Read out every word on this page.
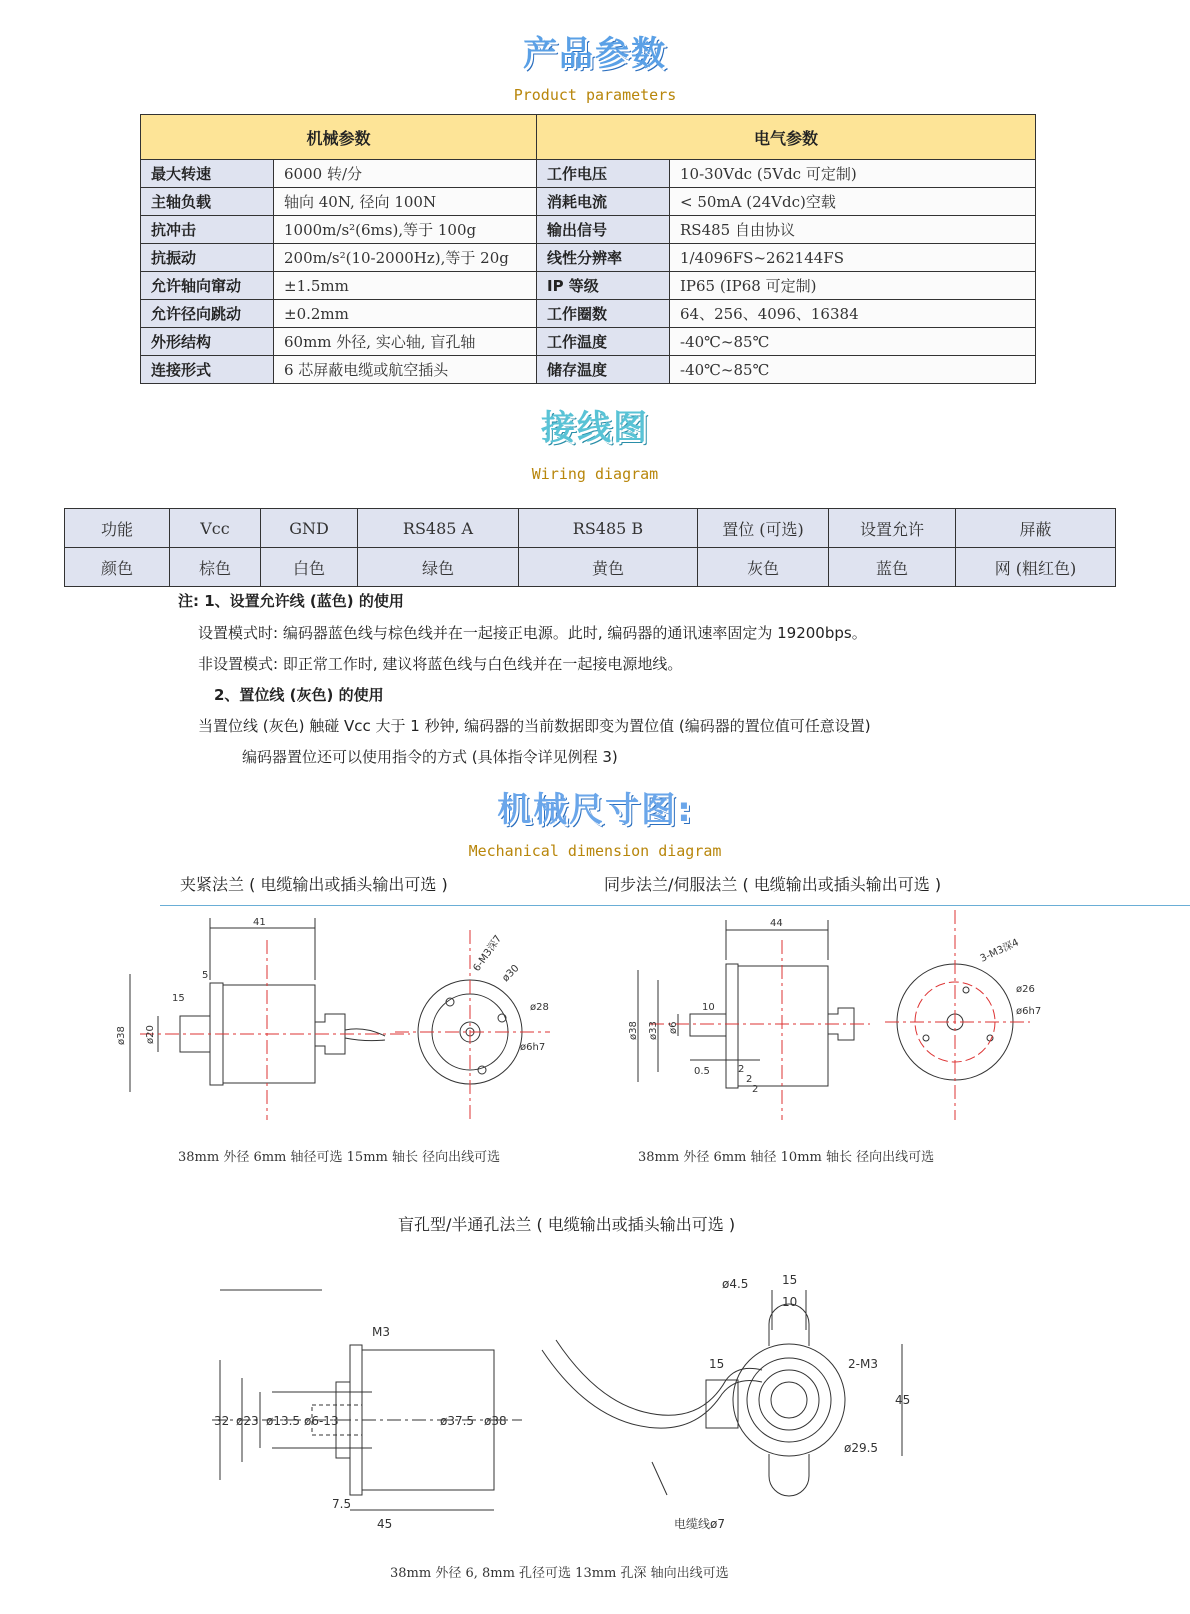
产品参数
Product parameters
机械参数		电气参数	
最大转速	6000 转/分	工作电压	10-30Vdc (5Vdc 可定制)
主轴负载	轴向 40N, 径向 100N	消耗电流	< 50mA (24Vdc)空载
抗冲击	1000m/s²(6ms),等于 100g	输出信号	RS485 自由协议
抗振动	200m/s²(10-2000Hz),等于 20g	线性分辨率	1/4096FS~262144FS
允许轴向窜动	±1.5mm	IP 等级	IP65 (IP68 可定制)
允许径向跳动	±0.2mm	工作圈数	64、256、4096、16384
外形结构	60mm 外径, 实心轴, 盲孔轴	工作温度	-40℃~85℃
连接形式	6 芯屏蔽电缆或航空插头	储存温度	-40℃~85℃
接线图
Wiring diagram
功能	Vcc	GND	RS485 A	RS485 B	置位 (可选)	设置允许	屏蔽
颜色	棕色	白色	绿色	黄色	灰色	蓝色	网 (粗红色)
注: 1、设置允许线 (蓝色) 的使用
设置模式时: 编码器蓝色线与棕色线并在一起接正电源。此时, 编码器的通讯速率固定为 19200bps。
非设置模式: 即正常工作时, 建议将蓝色线与白色线并在一起接电源地线。
2、置位线 (灰色) 的使用
当置位线 (灰色) 触碰 Vcc 大于 1 秒钟, 编码器的当前数据即变为置位值 (编码器的置位值可任意设置)
编码器置位还可以使用指令的方式 (具体指令详见例程 3)
机械尺寸图:
Mechanical dimension diagram
夹紧法兰 ( 电缆输出或插头输出可选 )	同步法兰/伺服法兰 ( 电缆输出或插头输出可选 )
41
5
15
ø38 ø20
6-M3深7
ø30
ø28
ø6h7
38mm 外径 6mm 轴径可选 15mm 轴长 径向出线可选
44
10
ø38 ø33 ø6
0.5	2
2
2
3-M3深4
ø26
ø6h7
38mm 外径 6mm 轴径 10mm 轴长 径向出线可选
盲孔型/半通孔法兰 ( 电缆输出或插头输出可选 )
M3
32 ø23 ø13.5 ø6-13	ø37.5 ø38
7.5
45
ø4.5	15
10
15	2-M3
45
ø29.5
电缆线ø7
38mm 外径 6, 8mm 孔径可选 13mm 孔深 轴向出线可选
